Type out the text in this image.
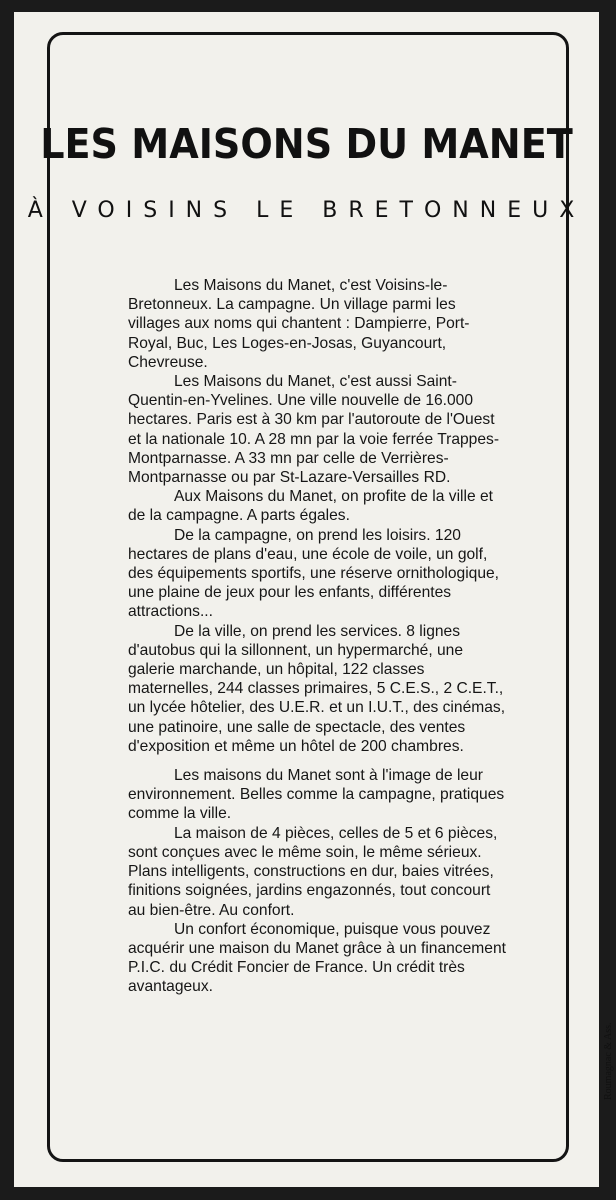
LES MAISONS DU MANET
À VOISINS LE BRETONNEUX

Les Maisons du Manet, c'est Voisins-le-Bretonneux. La campagne. Un village parmi les villages aux noms qui chantent : Dampierre, Port-Royal, Buc, Les Loges-en-Josas, Guyancourt, Chevreuse.

Les Maisons du Manet, c'est aussi Saint-Quentin-en-Yvelines. Une ville nouvelle de 16.000 hectares. Paris est à 30 km par l'autoroute de l'Ouest et la nationale 10. A 28 mn par la voie ferrée Trappes-Montparnasse. A 33 mn par celle de Verrières-Montparnasse ou par St-Lazare-Versailles RD.

Aux Maisons du Manet, on profite de la ville et de la campagne. A parts égales.

De la campagne, on prend les loisirs. 120 hectares de plans d'eau, une école de voile, un golf, des équipements sportifs, une réserve ornithologique, une plaine de jeux pour les enfants, différentes attractions...

De la ville, on prend les services. 8 lignes d'autobus qui la sillonnent, un hypermarché, une galerie marchande, un hôpital, 122 classes maternelles, 244 classes primaires, 5 C.E.S., 2 C.E.T., un lycée hôtelier, des U.E.R. et un I.U.T., des cinémas, une patinoire, une salle de spectacle, des ventes d'exposition et même un hôtel de 200 chambres.

Les maisons du Manet sont à l'image de leur environnement. Belles comme la campagne, pratiques comme la ville.

La maison de 4 pièces, celles de 5 et 6 pièces, sont conçues avec le même soin, le même sérieux. Plans intelligents, constructions en dur, baies vitrées, finitions soignées, jardins engazonnés, tout concourt au bien-être. Au confort.

Un confort économique, puisque vous pouvez acquérir une maison du Manet grâce à un financement P.I.C. du Crédit Foncier de France. Un crédit très avantageux.

Roumagnac & Ass.
